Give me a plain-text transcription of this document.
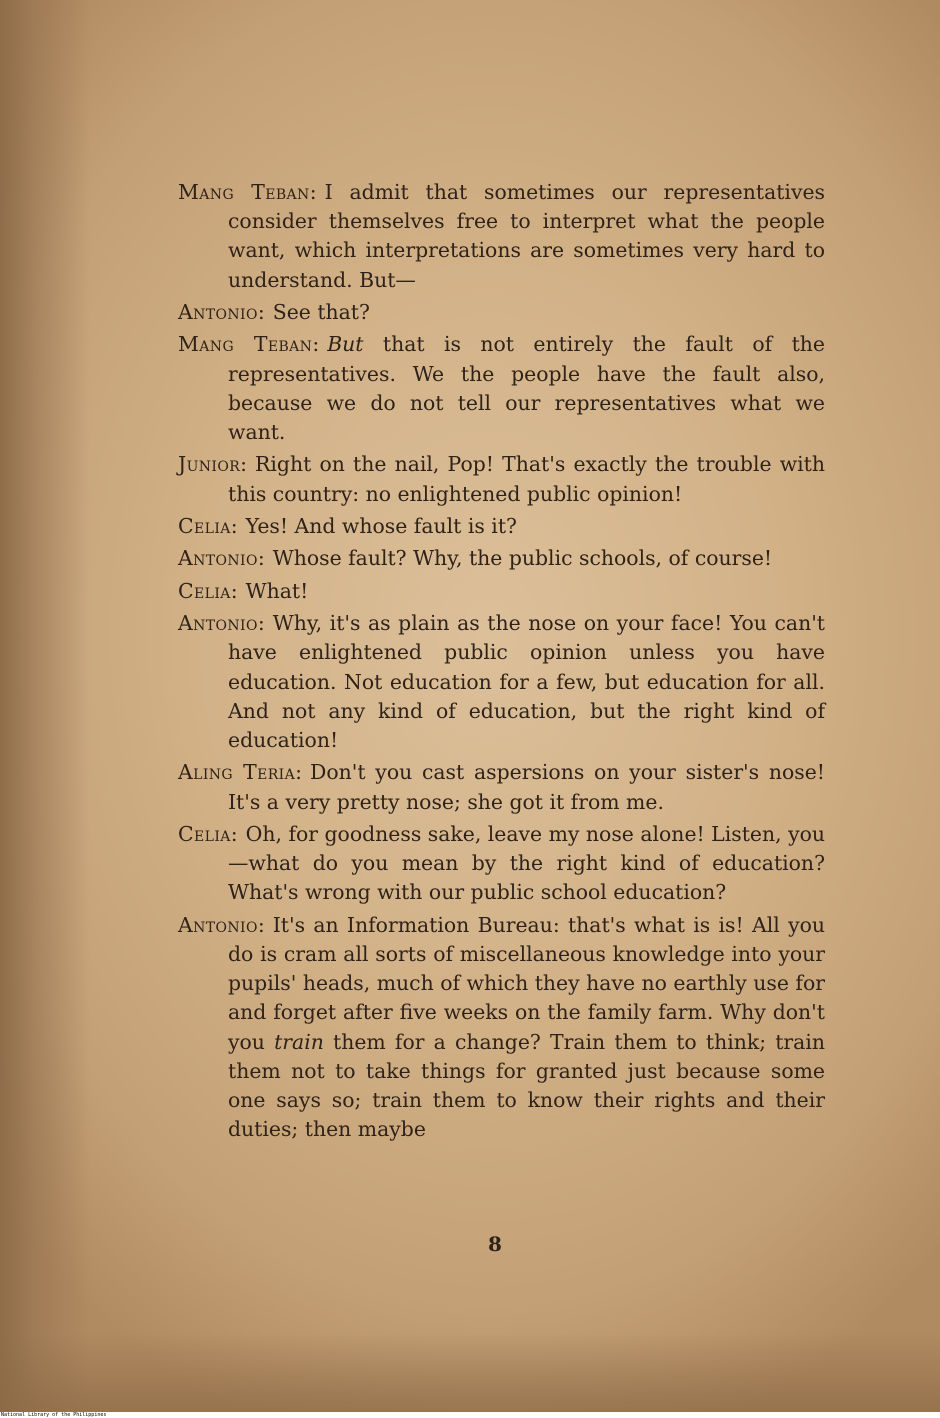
Mang Teban: I admit that sometimes our representatives consider themselves free to interpret what the people want, which interpretations are sometimes very hard to understand. But—

Antonio: See that?

Mang Teban: But that is not entirely the fault of the representatives. We the people have the fault also, because we do not tell our representatives what we want.

Junior: Right on the nail, Pop! That's exactly the trouble with this country: no enlightened public opinion!

Celia: Yes! And whose fault is it?

Antonio: Whose fault? Why, the public schools, of course!

Celia: What!

Antonio: Why, it's as plain as the nose on your face! You can't have enlightened public opinion unless you have education. Not education for a few, but education for all. And not any kind of education, but the right kind of education!

Aling Teria: Don't you cast aspersions on your sister's nose! It's a very pretty nose; she got it from me.

Celia: Oh, for goodness sake, leave my nose alone! Listen, you—what do you mean by the right kind of education? What's wrong with our public school education?

Antonio: It's an Information Bureau: that's what is is! All you do is cram all sorts of miscellaneous knowledge into your pupils' heads, much of which they have no earthly use for and forget after five weeks on the family farm. Why don't you train them for a change? Train them to think; train them not to take things for granted just because some one says so; train them to know their rights and their duties; then maybe

8
National Library of the Philippines
